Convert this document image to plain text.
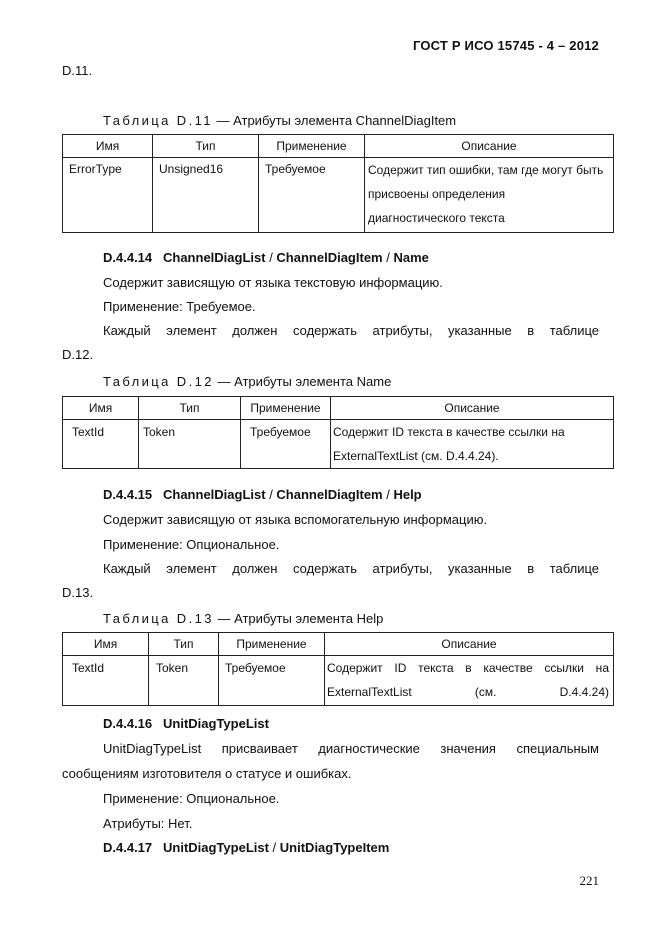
ГОСТ Р ИСО 15745 - 4 – 2012
D.11.
Таблица D.11 — Атрибуты элемента ChannelDiagItem
Имя	Тип	Применение	Описание
ErrorType	Unsigned16	Требуемое	Содержит тип ошибки, там где могут быть присвоены определения диагностического текста
D.4.4.14 ChannelDiagList / ChannelDiagItem / Name
Содержит зависящую от языка текстовую информацию.
Применение: Требуемое.
Каждый элемент должен содержать атрибуты, указанные в таблице
D.12.
Таблица D.12 — Атрибуты элемента Name
Имя	Тип	Применение	Описание
TextId	Token	Требуемое	Содержит ID текста в качестве ссылки на ExternalTextList (см. D.4.4.24).
D.4.4.15 ChannelDiagList / ChannelDiagItem / Help
Содержит зависящую от языка вспомогательную информацию.
Применение: Опциональное.
Каждый элемент должен содержать атрибуты, указанные в таблице
D.13.
Таблица D.13 — Атрибуты элемента Help
Имя	Тип	Применение	Описание
TextId	Token	Требуемое	Содержит ID текста в качестве ссылки на ExternalTextList (см. D.4.4.24)
D.4.4.16 UnitDiagTypeList
UnitDiagTypeList присваивает диагностические значения специальным
сообщениям изготовителя о статусе и ошибках.
Применение: Опциональное.
Атрибуты: Нет.
D.4.4.17 UnitDiagTypeList / UnitDiagTypeItem
221
